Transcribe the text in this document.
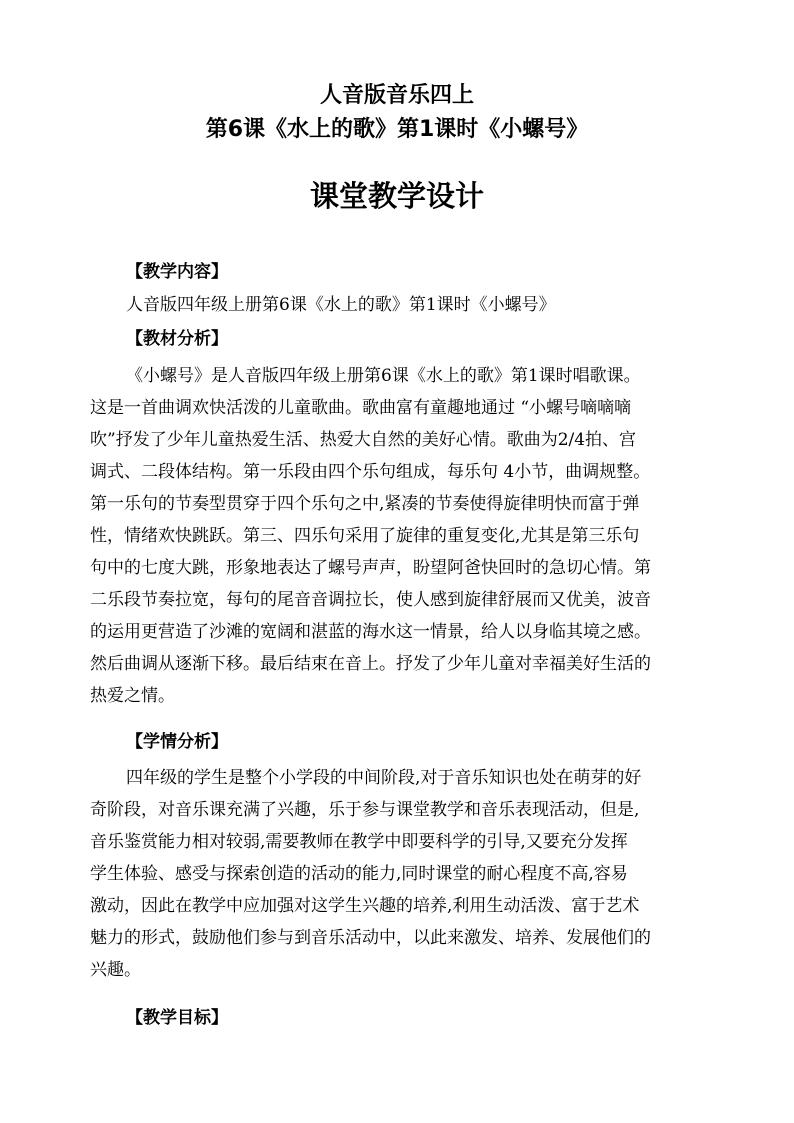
人音版音乐四上
第6课《水上的歌》第1课时《小螺号》
课堂教学设计
【教学内容】
人音版四年级上册第6课《水上的歌》第1课时《小螺号》
【教材分析】
《小螺号》是人音版四年级上册第6课《水上的歌》第1课时唱歌课。
这是一首曲调欢快活泼的儿童歌曲。歌曲富有童趣地通过 “小螺号嘀嘀嘀
吹”抒发了少年儿童热爱生活、热爱大自然的美好心情。歌曲为2/4拍、宫
调式、二段体结构。第一乐段由四个乐句组成，每乐句 4小节，曲调规整。
第一乐句的节奏型贯穿于四个乐句之中,紧凑的节奏使得旋律明快而富于弹
性，情绪欢快跳跃。第三、四乐句采用了旋律的重复变化,尤其是第三乐句
句中的七度大跳，形象地表达了螺号声声，盼望阿爸快回时的急切心情。第
二乐段节奏拉宽，每句的尾音音调拉长，使人感到旋律舒展而又优美，波音
的运用更营造了沙滩的宽阔和湛蓝的海水这一情景，给人以身临其境之感。
然后曲调从逐渐下移。最后结束在音上。抒发了少年儿童对幸福美好生活的
热爱之情。
【学情分析】
四年级的学生是整个小学段的中间阶段,对于音乐知识也处在萌芽的好
奇阶段，对音乐课充满了兴趣，乐于参与课堂教学和音乐表现活动，但是,
音乐鉴赏能力相对较弱,需要教师在教学中即要科学的引导,又要充分发挥
学生体验、感受与探索创造的活动的能力,同时课堂的耐心程度不高,容易
激动，因此在教学中应加强对这学生兴趣的培养,利用生动活泼、富于艺术
魅力的形式，鼓励他们参与到音乐活动中，以此来激发、培养、发展他们的
兴趣。
【教学目标】
